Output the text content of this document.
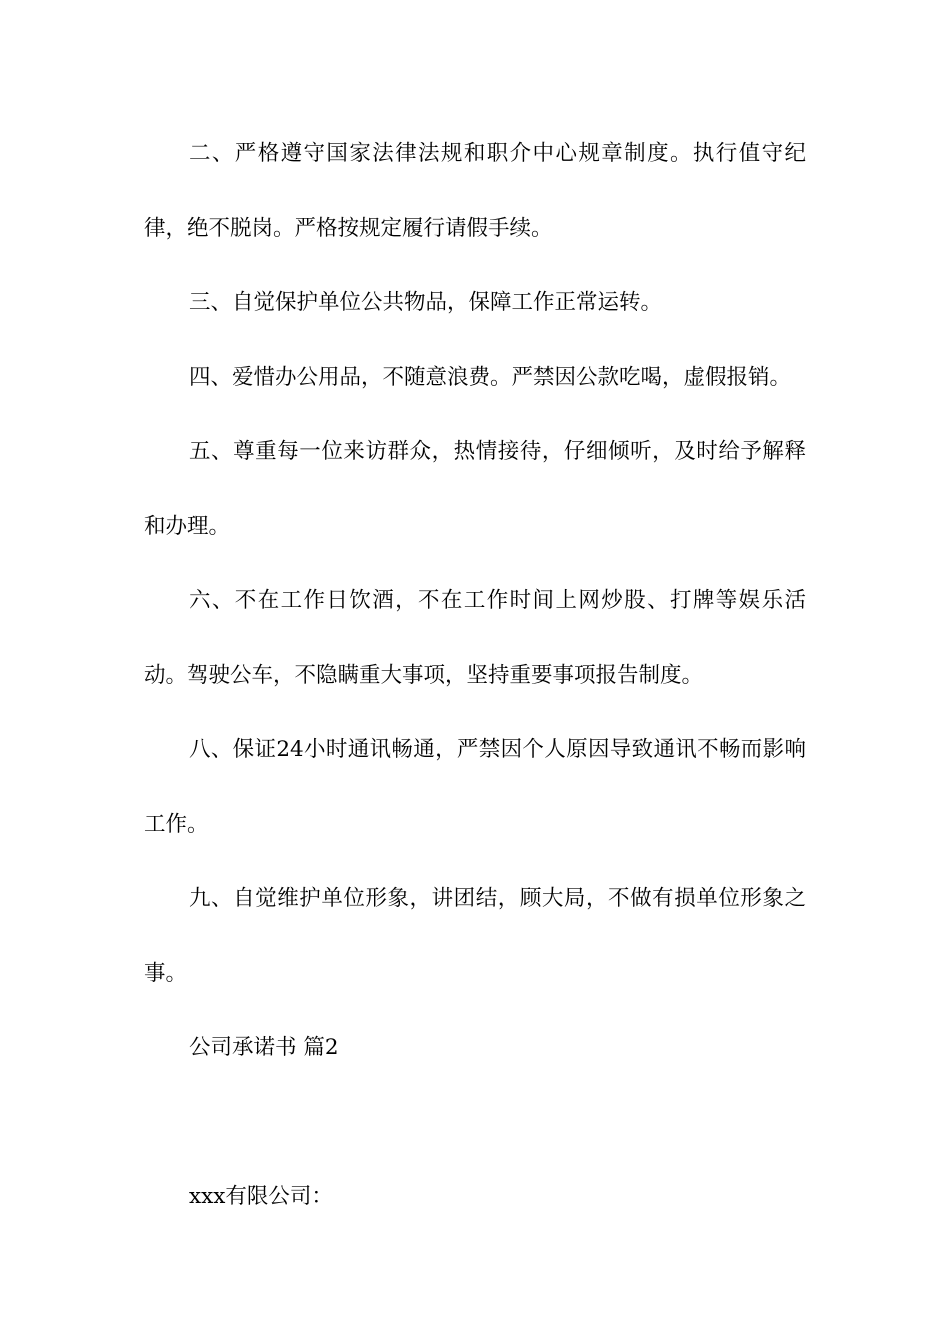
二、严格遵守国家法律法规和职介中心规章制度。执行值守纪律，绝不脱岗。严格按规定履行请假手续。

三、自觉保护单位公共物品，保障工作正常运转。

四、爱惜办公用品，不随意浪费。严禁因公款吃喝，虚假报销。

五、尊重每一位来访群众，热情接待，仔细倾听，及时给予解释和办理。

六、不在工作日饮酒，不在工作时间上网炒股、打牌等娱乐活动。驾驶公车，不隐瞒重大事项，坚持重要事项报告制度。

八、保证24小时通讯畅通，严禁因个人原因导致通讯不畅而影响工作。

九、自觉维护单位形象，讲团结，顾大局，不做有损单位形象之事。

公司承诺书 篇2

xxx有限公司：
